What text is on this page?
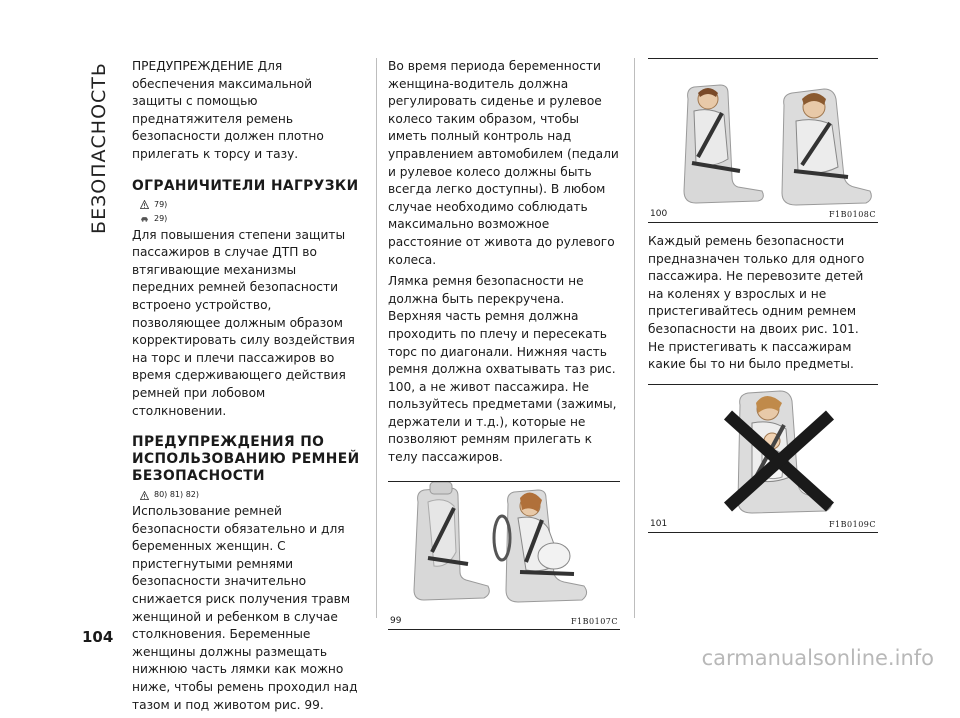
БЕЗОПАСНОСТЬ
104

ПРЕДУПРЕЖДЕНИЕ Для обеспечения максимальной защиты с помощью преднатяжителя ремень безопасности должен плотно прилегать к торсу и тазу.

ОГРАНИЧИТЕЛИ НАГРУЗКИ
79)
29)

Для повышения степени защиты пассажиров в случае ДТП во втягивающие механизмы передних ремней безопасности встроено устройство, позволяющее должным образом корректировать силу воздействия на торс и плечи пассажиров во время сдерживающего действия ремней при лобовом столкновении.

ПРЕДУПРЕЖДЕНИЯ ПО ИСПОЛЬЗОВАНИЮ РЕМНЕЙ БЕЗОПАСНОСТИ
80) 81) 82)

Использование ремней безопасности обязательно и для беременных женщин. С пристегнутыми ремнями безопасности значительно снижается риск получения травм женщиной и ребенком в случае столкновения. Беременные женщины должны размещать нижнюю часть лямки как можно ниже, чтобы ремень проходил над тазом и под животом рис. 99.

Во время периода беременности женщина-водитель должна регулировать сиденье и рулевое колесо таким образом, чтобы иметь полный контроль над управлением автомобилем (педали и рулевое колесо должны быть всегда легко доступны). В любом случае необходимо соблюдать максимально возможное расстояние от живота до рулевого колеса.

Лямка ремня безопасности не должна быть перекручена. Верхняя часть ремня должна проходить по плечу и пересекать торс по диагонали. Нижняя часть ремня должна охватывать таз рис. 100, а не живот пассажира. Не пользуйтесь предметами (зажимы, держатели и т.д.), которые не позволяют ремням прилегать к телу пассажиров.

99	F1B0107C
100	F1B0108C

Каждый ремень безопасности предназначен только для одного пассажира. Не перевозите детей на коленях у взрослых и не пристегивайтесь одним ремнем безопасности на двоих рис. 101. Не пристегивать к пассажирам какие бы то ни было предметы.

101	F1B0109C
carmanualsonline.info
